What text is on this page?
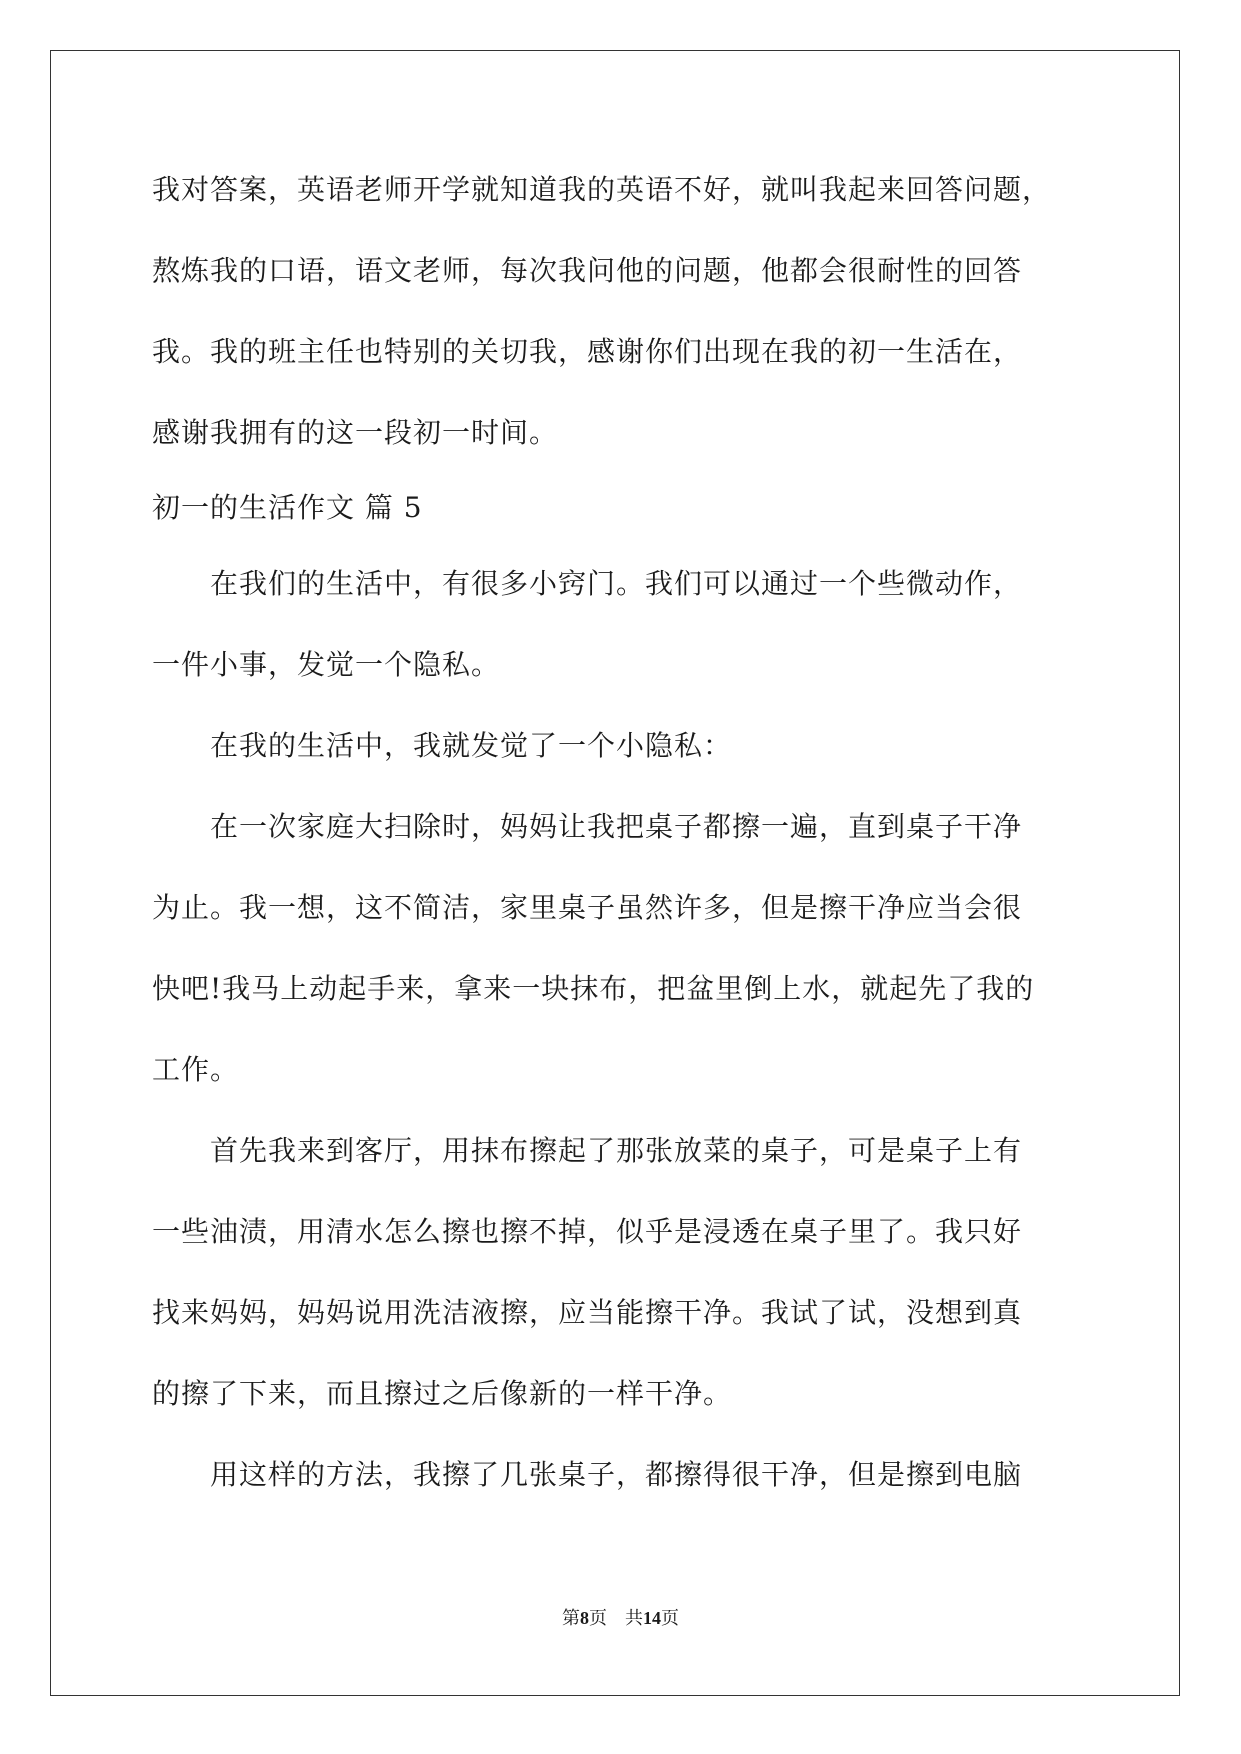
我对答案，英语老师开学就知道我的英语不好，就叫我起来回答问题，
熬炼我的口语，语文老师，每次我问他的问题，他都会很耐性的回答
我。我的班主任也特别的关切我，感谢你们出现在我的初一生活在，
感谢我拥有的这一段初一时间。
初一的生活作文 篇 5
　　在我们的生活中，有很多小窍门。我们可以通过一个些微动作，
一件小事，发觉一个隐私。
　　在我的生活中，我就发觉了一个小隐私：
　　在一次家庭大扫除时，妈妈让我把桌子都擦一遍，直到桌子干净
为止。我一想，这不简洁，家里桌子虽然许多，但是擦干净应当会很
快吧!我马上动起手来，拿来一块抹布，把盆里倒上水，就起先了我的
工作。
　　首先我来到客厅，用抹布擦起了那张放菜的桌子，可是桌子上有
一些油渍，用清水怎么擦也擦不掉，似乎是浸透在桌子里了。我只好
找来妈妈，妈妈说用洗洁液擦，应当能擦干净。我试了试，没想到真
的擦了下来，而且擦过之后像新的一样干净。
　　用这样的方法，我擦了几张桌子，都擦得很干净，但是擦到电脑
第8页 共14页
